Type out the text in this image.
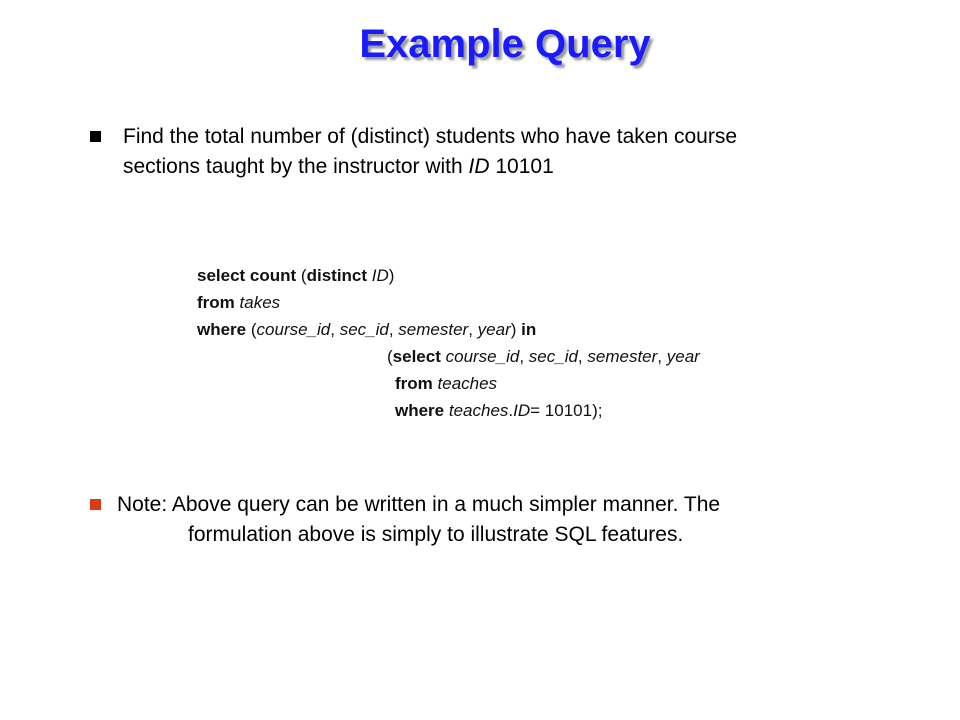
Example Query
Find the total number of (distinct) students who have taken course
sections taught by the instructor with ID 10101
select count (distinct ID)
from takes
where (course_id, sec_id, semester, year) in
(select course_id, sec_id, semester, year
from teaches
where teaches.ID= 10101);
Note: Above query can be written in a much simpler manner. The
formulation above is simply to illustrate SQL features.
